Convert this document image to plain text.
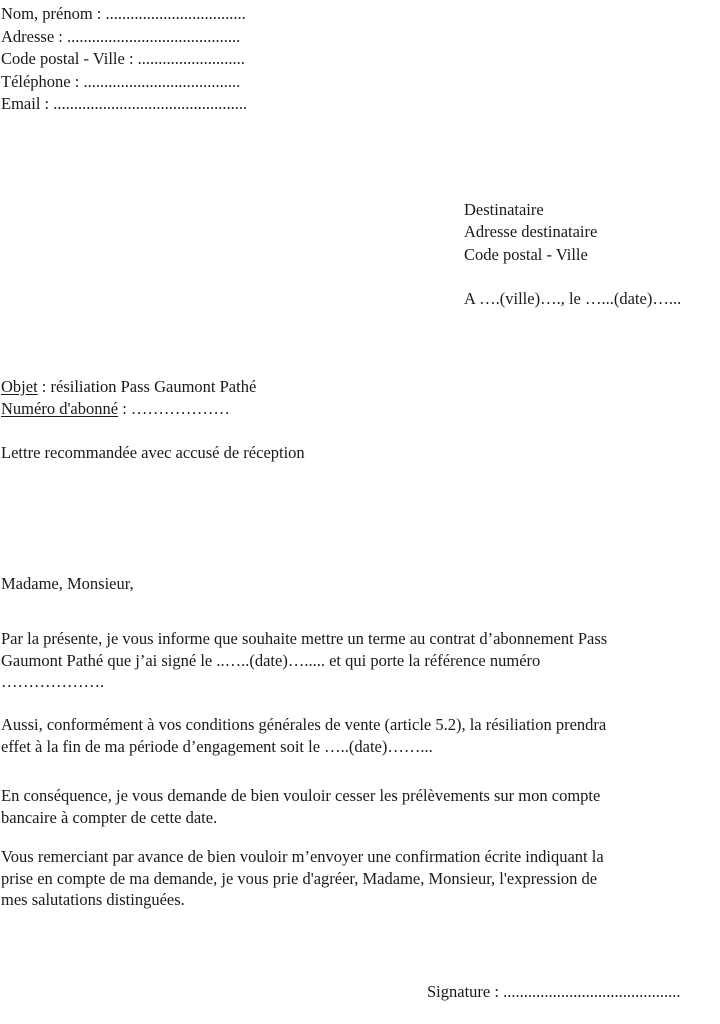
Nom, prénom : ..................................
Adresse : ..........................................
Code postal - Ville : ..........................
Téléphone : ......................................
Email : ...............................................
Destinataire
Adresse destinataire
Code postal - Ville
A ….(ville)…., le …...(date)…...
Objet : résiliation Pass Gaumont Pathé
Numéro d'abonné : ………………
Lettre recommandée avec accusé de réception
Madame, Monsieur,
Par la présente, je vous informe que souhaite mettre un terme au contrat d’abonnement Pass
Gaumont Pathé que j’ai signé le ..…..(date)…..... et qui porte la référence numéro
……………….
Aussi, conformément à vos conditions générales de vente (article 5.2), la résiliation prendra
effet à la fin de ma période d’engagement soit le …..(date)……...
En conséquence, je vous demande de bien vouloir cesser les prélèvements sur mon compte
bancaire à compter de cette date.
Vous remerciant par avance de bien vouloir m’envoyer une confirmation écrite indiquant la
prise en compte de ma demande, je vous prie d'agréer, Madame, Monsieur, l'expression de
mes salutations distinguées.
Signature : ...........................................
